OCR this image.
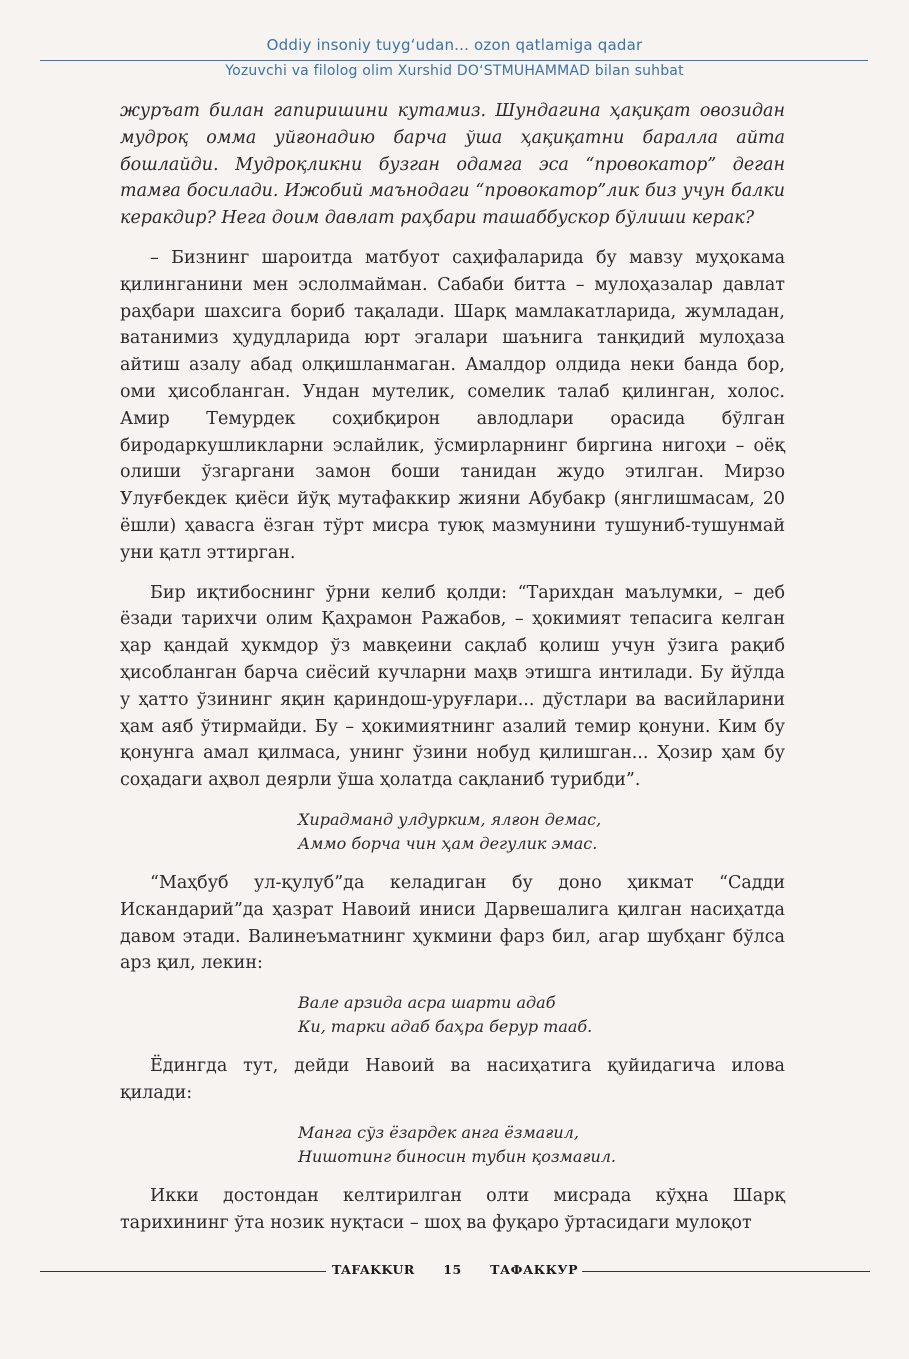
Oddiy insoniy tuygʻudan... ozon qatlamiga qadar
Yozuvchi va filolog olim Xurshid DOʻSTMUHAMMAD bilan suhbat

журъат билан гапиришини кутамиз. Шундагина ҳақиқат овозидан мудроқ омма уйғонадию барча ўша ҳақиқатни баралла айта бошлайди. Мудроқликни бузган одамга эса “провокатор” деган тамға босилади. Ижобий маънодаги “провокатор”лик биз учун балки керакдир? Нега доим давлат раҳбари ташаббускор бўлиши керак?

– Бизнинг шароитда матбуот саҳифаларида бу мавзу муҳокама қилинганини мен эслолмайман. Сабаби битта – мулоҳазалар давлат раҳбари шахсига бориб тақалади. Шарқ мамлакатларида, жумладан, ватанимиз ҳудудларида юрт эгалари шаънига танқидий мулоҳаза айтиш азалу абад олқишланмаган. Амалдор олдида неки банда бор, оми ҳисобланган. Ундан мутелик, сомелик талаб қилинган, холос. Амир Темурдек соҳибқирон авлодлари орасида бўлган биродаркушликларни эслайлик, ўсмирларнинг биргина нигоҳи – оёқ олиши ўзгаргани замон боши танидан жудо этилган. Мирзо Улуғбекдек қиёси йўқ мутафаккир жияни Абубакр (янглишмасам, 20 ёшли) ҳавасга ёзган тўрт мисра туюқ мазмунини тушуниб-тушунмай уни қатл эттирган.

Бир иқтибоснинг ўрни келиб қолди: “Тарихдан маълумки, – деб ёзади тарихчи олим Қаҳрамон Ражабов, – ҳокимият тепасига келган ҳар қандай ҳукмдор ўз мавқеини сақлаб қолиш учун ўзига рақиб ҳисобланган барча сиёсий кучларни маҳв этишга интилади. Бу йўлда у ҳатто ўзининг яқин қариндош-уруғлари... дўстлари ва васийларини ҳам аяб ўтирмайди. Бу – ҳокимиятнинг азалий темир қонуни. Ким бу қонунга амал қилмаса, унинг ўзини нобуд қилишган... Ҳозир ҳам бу соҳадаги аҳвол деярли ўша ҳолатда сақланиб турибди”.

Хирадманд улдурким, ялғон демас,
Аммо борча чин ҳам дегулик эмас.

“Маҳбуб ул-қулуб”да келадиган бу доно ҳикмат “Садди Искандарий”да ҳазрат Навоий иниси Дарвешалига қилган насиҳатда давом этади. Валинеъматнинг ҳукмини фарз бил, агар шубҳанг бўлса арз қил, лекин:

Вале арзида асра шарти адаб
Ки, тарки адаб баҳра берур тааб.

Ёдингда тут, дейди Навоий ва насиҳатига қуйидагича илова қилади:

Манга сўз ёзардек анга ёзмағил,
Нишотинг биносин тубин қозмағил.

Икки достондан келтирилган олти мисрада кўҳна Шарқ тарихининг ўта нозик нуқтаси – шоҳ ва фуқаро ўртасидаги мулоқот

TAFAKKUR 15 ТАФАККУР
